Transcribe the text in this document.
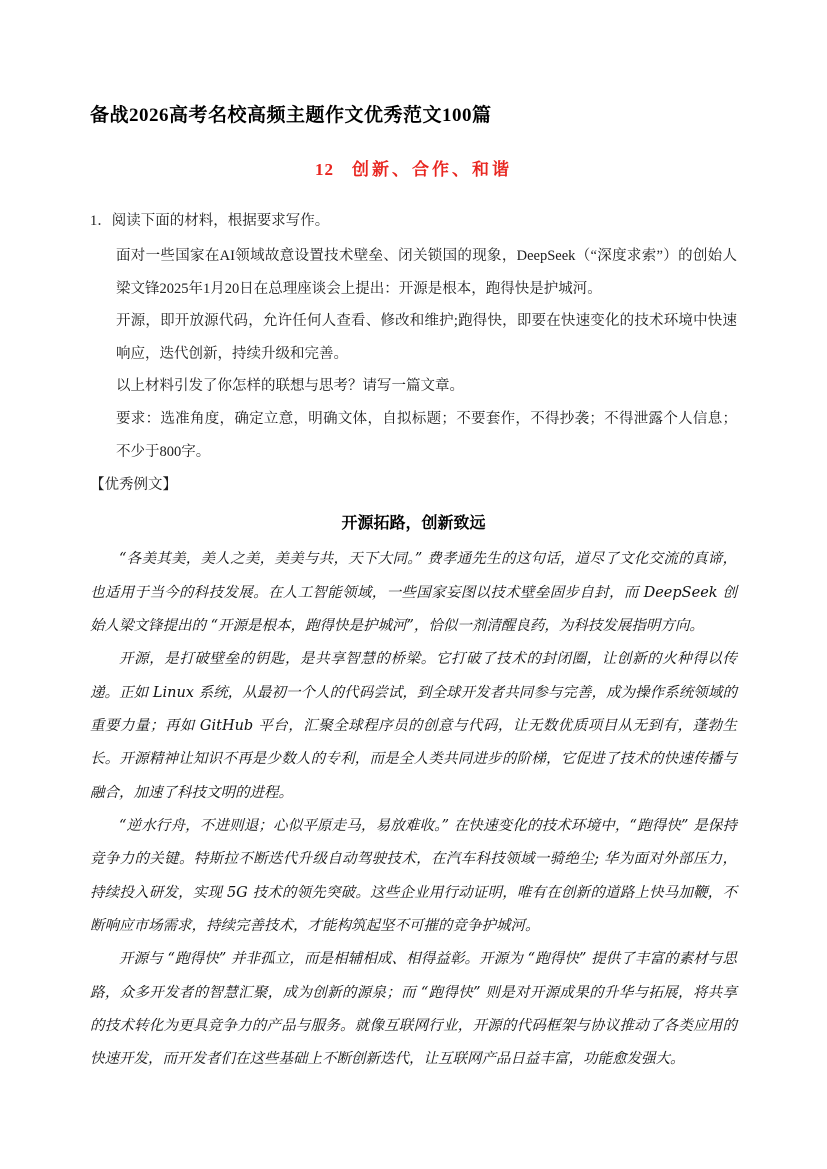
备战2026高考名校高频主题作文优秀范文100篇
12 创新、合作、和谐

1．阅读下面的材料，根据要求写作。

面对一些国家在AI领域故意设置技术壁垒、闭关锁国的现象，DeepSeek（“深度求索”）的创始人梁文锋2025年1月20日在总理座谈会上提出：开源是根本，跑得快是护城河。

开源，即开放源代码，允许任何人查看、修改和维护;跑得快，即要在快速变化的技术环境中快速响应，迭代创新，持续升级和完善。

以上材料引发了你怎样的联想与思考？请写一篇文章。

要求：选准角度，确定立意，明确文体，自拟标题；不要套作，不得抄袭；不得泄露个人信息；不少于800字。

【优秀例文】

开源拓路，创新致远

“各美其美，美人之美，美美与共，天下大同。” 费孝通先生的这句话，道尽了文化交流的真谛，也适用于当今的科技发展。在人工智能领域，一些国家妄图以技术壁垒固步自封，而 DeepSeek 创始人梁文锋提出的 “开源是根本，跑得快是护城河”，恰似一剂清醒良药，为科技发展指明方向。

开源，是打破壁垒的钥匙，是共享智慧的桥梁。它打破了技术的封闭圈，让创新的火种得以传递。正如 Linux 系统，从最初一个人的代码尝试，到全球开发者共同参与完善，成为操作系统领域的重要力量；再如 GitHub 平台，汇聚全球程序员的创意与代码，让无数优质项目从无到有，蓬勃生长。开源精神让知识不再是少数人的专利，而是全人类共同进步的阶梯，它促进了技术的快速传播与融合，加速了科技文明的进程。

“逆水行舟，不进则退；心似平原走马，易放难收。” 在快速变化的技术环境中，“跑得快” 是保持竞争力的关键。特斯拉不断迭代升级自动驾驶技术，在汽车科技领域一骑绝尘; 华为面对外部压力，持续投入研发，实现 5G 技术的领先突破。这些企业用行动证明，唯有在创新的道路上快马加鞭，不断响应市场需求，持续完善技术，才能构筑起坚不可摧的竞争护城河。

开源与 “跑得快” 并非孤立，而是相辅相成、相得益彰。开源为 “跑得快” 提供了丰富的素材与思路，众多开发者的智慧汇聚，成为创新的源泉；而 “跑得快” 则是对开源成果的升华与拓展，将共享的技术转化为更具竞争力的产品与服务。就像互联网行业，开源的代码框架与协议推动了各类应用的快速开发，而开发者们在这些基础上不断创新迭代，让互联网产品日益丰富，功能愈发强大。
